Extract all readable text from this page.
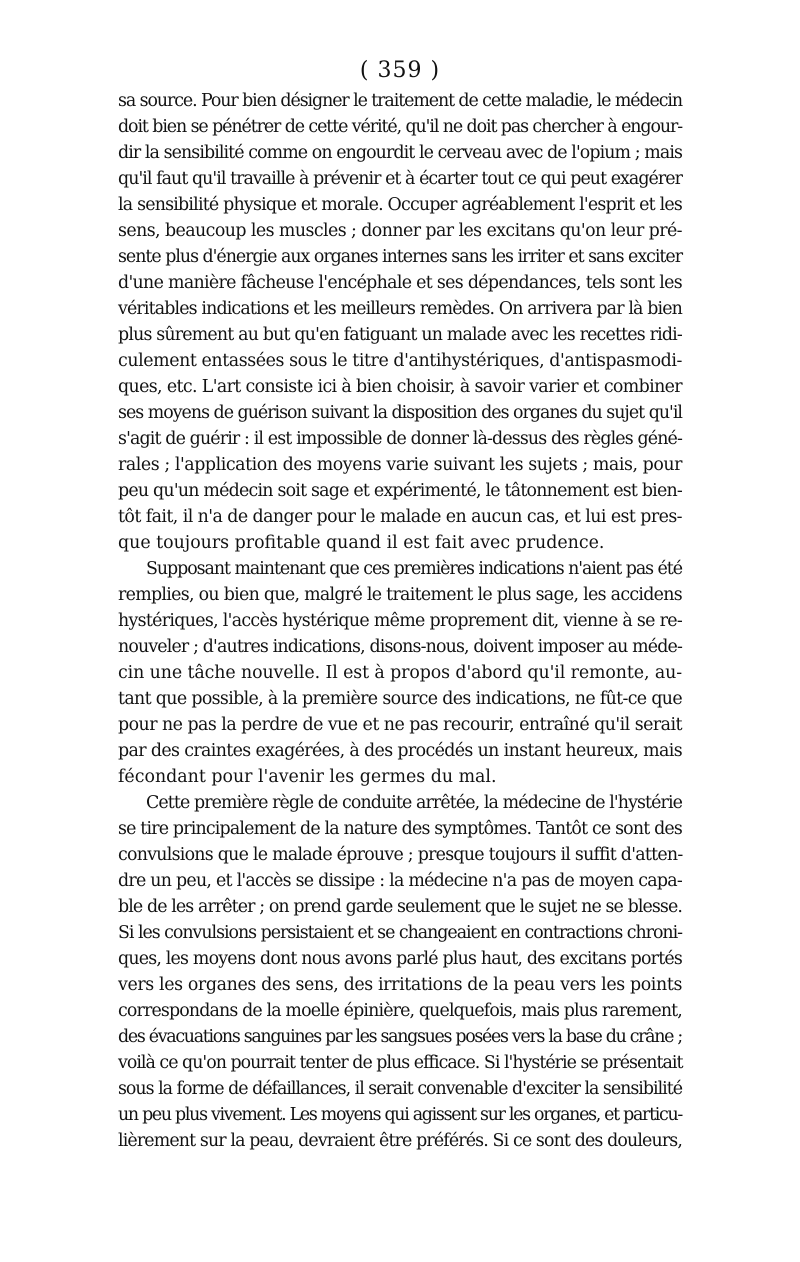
( 359 )
sa source. Pour bien désigner le traitement de cette maladie, le médecin
doit bien se pénétrer de cette vérité, qu'il ne doit pas chercher à engour-
dir la sensibilité comme on engourdit le cerveau avec de l'opium ; mais
qu'il faut qu'il travaille à prévenir et à écarter tout ce qui peut exagérer
la sensibilité physique et morale. Occuper agréablement l'esprit et les
sens, beaucoup les muscles ; donner par les excitans qu'on leur pré-
sente plus d'énergie aux organes internes sans les irriter et sans exciter
d'une manière fâcheuse l'encéphale et ses dépendances, tels sont les
véritables indications et les meilleurs remèdes. On arrivera par là bien
plus sûrement au but qu'en fatiguant un malade avec les recettes ridi-
culement entassées sous le titre d'antihystériques, d'antispasmodi-
ques, etc. L'art consiste ici à bien choisir, à savoir varier et combiner
ses moyens de guérison suivant la disposition des organes du sujet qu'il
s'agit de guérir : il est impossible de donner là-dessus des règles géné-
rales ; l'application des moyens varie suivant les sujets ; mais, pour
peu qu'un médecin soit sage et expérimenté, le tâtonnement est bien-
tôt fait, il n'a de danger pour le malade en aucun cas, et lui est pres-
que toujours profitable quand il est fait avec prudence.
Supposant maintenant que ces premières indications n'aient pas été
remplies, ou bien que, malgré le traitement le plus sage, les accidens
hystériques, l'accès hystérique même proprement dit, vienne à se re-
nouveler ; d'autres indications, disons-nous, doivent imposer au méde-
cin une tâche nouvelle. Il est à propos d'abord qu'il remonte, au-
tant que possible, à la première source des indications, ne fût-ce que
pour ne pas la perdre de vue et ne pas recourir, entraîné qu'il serait
par des craintes exagérées, à des procédés un instant heureux, mais
fécondant pour l'avenir les germes du mal.
Cette première règle de conduite arrêtée, la médecine de l'hystérie
se tire principalement de la nature des symptômes. Tantôt ce sont des
convulsions que le malade éprouve ; presque toujours il suffit d'atten-
dre un peu, et l'accès se dissipe : la médecine n'a pas de moyen capa-
ble de les arrêter ; on prend garde seulement que le sujet ne se blesse.
Si les convulsions persistaient et se changeaient en contractions chroni-
ques, les moyens dont nous avons parlé plus haut, des excitans portés
vers les organes des sens, des irritations de la peau vers les points
correspondans de la moelle épinière, quelquefois, mais plus rarement,
des évacuations sanguines par les sangsues posées vers la base du crâne ;
voilà ce qu'on pourrait tenter de plus efficace. Si l'hystérie se présentait
sous la forme de défaillances, il serait convenable d'exciter la sensibilité
un peu plus vivement. Les moyens qui agissent sur les organes, et particu-
lièrement sur la peau, devraient être préférés. Si ce sont des douleurs,
